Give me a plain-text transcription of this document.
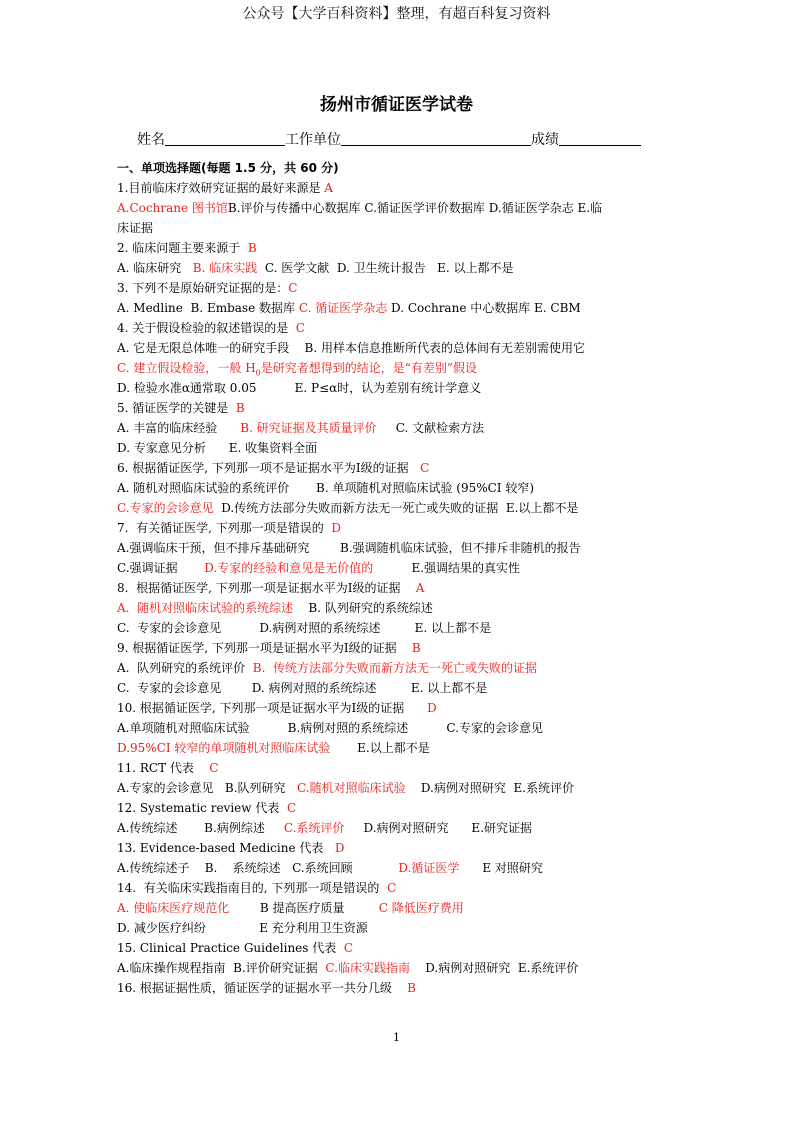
公众号【大学百科资料】整理，有超百科复习资料
扬州市循证医学试卷
姓名	工作单位	成绩
一、单项选择题(每题 1.5 分，共 60 分)
1.目前临床疗效研究证据的最好来源是 A
A.Cochrane 图书馆B.评价与传播中心数据库 C.循证医学评价数据库 D.循证医学杂志 E.临
床证据
2. 临床问题主要来源于  B
A. 临床研究   B. 临床实践  C. 医学文献  D. 卫生统计报告   E. 以上都不是
3. 下列不是原始研究证据的是：C
A. Medline  B. Embase 数据库 C. 循证医学杂志 D. Cochrane 中心数据库 E. CBM
4. 关于假设检验的叙述错误的是  C
A. 它是无限总体唯一的研究手段    B. 用样本信息推断所代表的总体间有无差别需使用它
C. 建立假设检验，一般 $H_0$是研究者想得到的结论，是“有差别”假设
D. 检验水准α通常取 0.05          E. P≤α时，认为差别有统计学意义
5. 循证医学的关键是  B
A. 丰富的临床经验      B. 研究证据及其质量评价     C. 文献检索方法
D. 专家意见分析      E. 收集资料全面
6. 根据循证医学, 下列那一项不是证据水平为Ⅰ级的证据   C
A. 随机对照临床试验的系统评价       B. 单项随机对照临床试验 (95%CI 较窄)
C.专家的会诊意见  D.传统方法部分失败而新方法无一死亡或失败的证据  E.以上都不是
7.  有关循证医学, 下列那一项是错误的  D
A.强调临床干预，但不排斥基础研究        B.强调随机临床试验，但不排斥非随机的报告
C.强调证据       D.专家的经验和意见是无价值的          E.强调结果的真实性
8.  根据循证医学, 下列那一项是证据水平为Ⅰ级的证据    A
A.  随机对照临床试验的系统综述    B. 队列研究的系统综述
C.  专家的会诊意见          D.病例对照的系统综述         E. 以上都不是
9. 根据循证医学, 下列那一项是证据水平为Ⅰ级的证据    B
A.  队列研究的系统评价  B.  传统方法部分失败而新方法无一死亡或失败的证据
C.  专家的会诊意见        D. 病例对照的系统综述         E. 以上都不是
10. 根据循证医学, 下列那一项是证据水平为Ⅰ级的证据      D
A.单项随机对照临床试验          B.病例对照的系统综述          C.专家的会诊意见
D.95%CI 较窄的单项随机对照临床试验       E.以上都不是
11. RCT 代表    C
A.专家的会诊意见   B.队列研究   C.随机对照临床试验    D.病例对照研究  E.系统评价
12. Systematic review 代表  C
A.传统综述       B.病例综述     C.系统评价     D.病例对照研究      E.研究证据
13. Evidence-based Medicine 代表   D
A.传统综述子    B.    系统综述   C.系统回顾            D.循证医学      E 对照研究
14.  有关临床实践指南目的, 下列那一项是错误的  C
A. 使临床医疗规范化        B 提高医疗质量         C 降低医疗费用
D. 减少医疗纠纷              E 充分利用卫生资源
15. Clinical Practice Guidelines 代表  C
A.临床操作规程指南  B.评价研究证据  C.临床实践指南    D.病例对照研究  E.系统评价
16. 根据证据性质，循证医学的证据水平一共分几级    B
1
